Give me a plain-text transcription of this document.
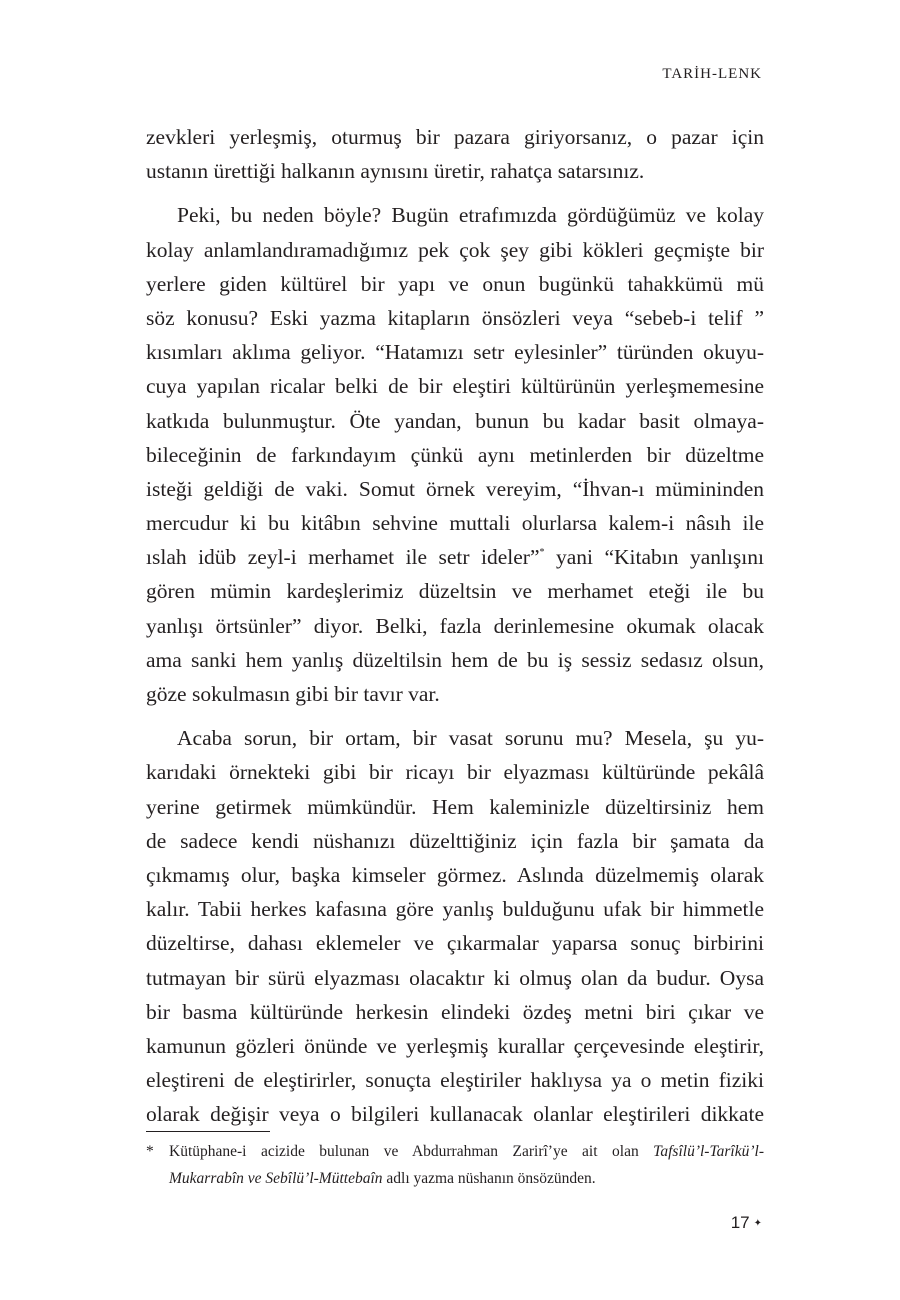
TARİH-LENK
zevkleri yerleşmiş, oturmuş bir pazara giriyorsanız, o pazar için
ustanın ürettiği halkanın aynısını üretir, rahatça satarsınız.
Peki, bu neden böyle? Bugün etrafımızda gördüğümüz ve kolay
kolay anlamlandıramadığımız pek çok şey gibi kökleri geçmişte bir
yerlere giden kültürel bir yapı ve onun bugünkü tahakkümü mü
söz konusu? Eski yazma kitapların önsözleri veya “sebeb-i telif ”
kısımları aklıma geliyor. “Hatamızı setr eylesinler” türünden okuyu-
cuya yapılan ricalar belki de bir eleştiri kültürünün yerleşmemesine
katkıda bulunmuştur. Öte yandan, bunun bu kadar basit olmaya-
bileceğinin de farkındayım çünkü aynı metinlerden bir düzeltme
isteği geldiği de vaki. Somut örnek vereyim, “İhvan-ı mümininden
mercudur ki bu kitâbın sehvine muttali olurlarsa kalem-i nâsıh ile
ıslah idüb zeyl-i merhamet ile setr ideler”* yani “Kitabın yanlışını
gören mümin kardeşlerimiz düzeltsin ve merhamet eteği ile bu
yanlışı örtsünler” diyor. Belki, fazla derinlemesine okumak olacak
ama sanki hem yanlış düzeltilsin hem de bu iş sessiz sedasız olsun,
göze sokulmasın gibi bir tavır var.
Acaba sorun, bir ortam, bir vasat sorunu mu? Mesela, şu yu-
karıdaki örnekteki gibi bir ricayı bir elyazması kültüründe pekâlâ
yerine getirmek mümkündür. Hem kaleminizle düzeltirsiniz hem
de sadece kendi nüshanızı düzelttiğiniz için fazla bir şamata da
çıkmamış olur, başka kimseler görmez. Aslında düzelmemiş olarak
kalır. Tabii herkes kafasına göre yanlış bulduğunu ufak bir himmetle
düzeltirse, dahası eklemeler ve çıkarmalar yaparsa sonuç birbirini
tutmayan bir sürü elyazması olacaktır ki olmuş olan da budur. Oysa
bir basma kültüründe herkesin elindeki özdeş metni biri çıkar ve
kamunun gözleri önünde ve yerleşmiş kurallar çerçevesinde eleştirir,
eleştireni de eleştirirler, sonuçta eleştiriler haklıysa ya o metin fiziki
olarak değişir veya o bilgileri kullanacak olanlar eleştirileri dikkate
* Kütüphane-i acizide bulunan ve Abdurrahman Zarirî’ye ait olan Tafsîlü’l-Tarîkü’l-
Mukarrabîn ve Sebîlü’l-Müttebaîn adlı yazma nüshanın önsözünden.
17 ✦
